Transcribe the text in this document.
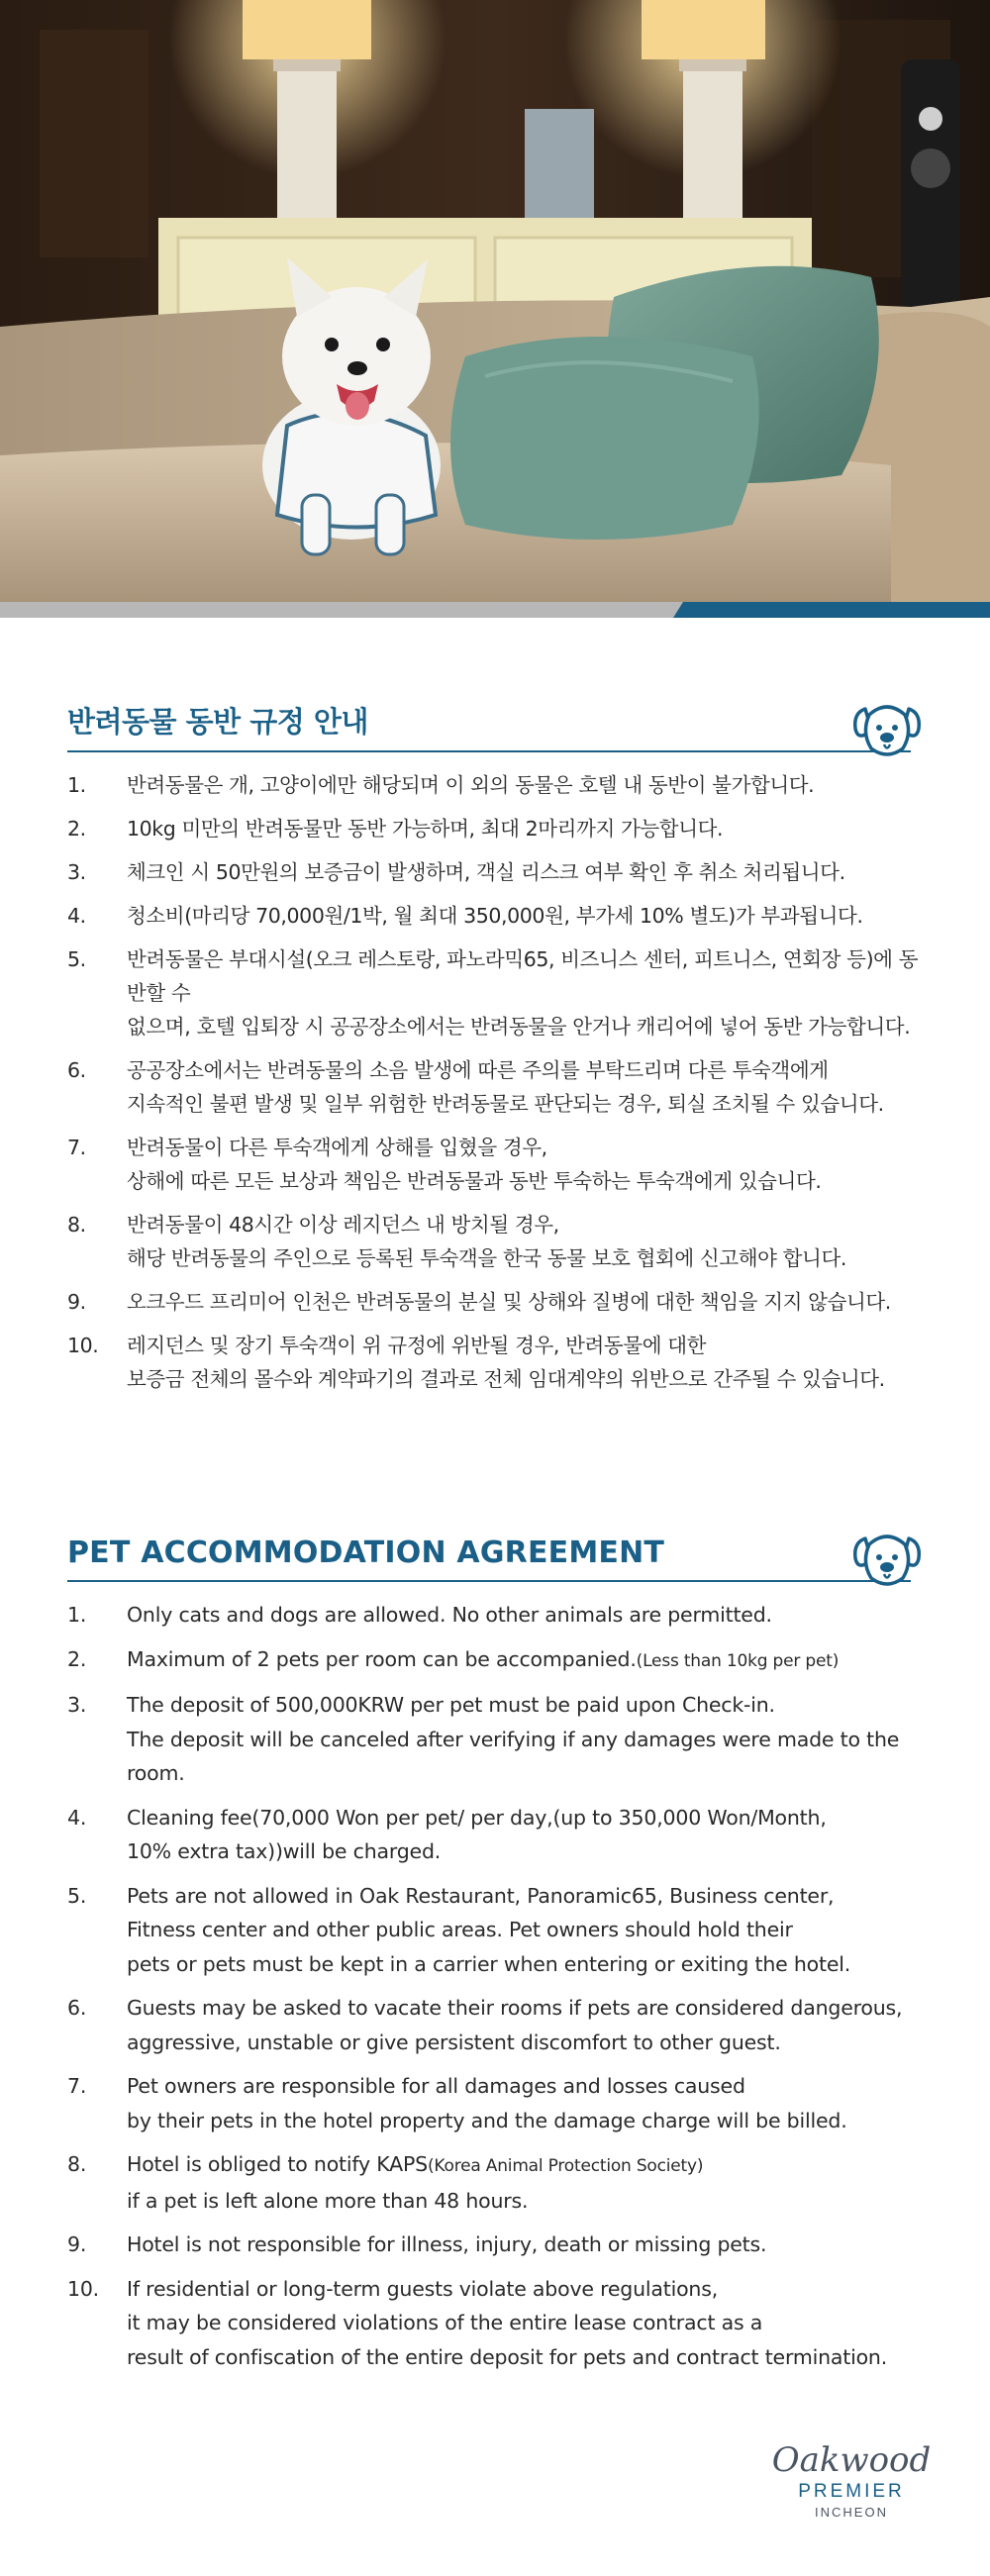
반려동물 동반 규정 안내
1.	반려동물은 개, 고양이에만 해당되며 이 외의 동물은 호텔 내 동반이 불가합니다.
2.	10kg 미만의 반려동물만 동반 가능하며, 최대 2마리까지 가능합니다.
3.	체크인 시 50만원의 보증금이 발생하며, 객실 리스크 여부 확인 후 취소 처리됩니다.
4.	청소비(마리당 70,000원/1박, 월 최대 350,000원, 부가세 10% 별도)가 부과됩니다.
5.	반려동물은 부대시설(오크 레스토랑, 파노라믹65, 비즈니스 센터, 피트니스, 연회장 등)에 동반할 수
없으며, 호텔 입퇴장 시 공공장소에서는 반려동물을 안거나 캐리어에 넣어 동반 가능합니다.
6.	공공장소에서는 반려동물의 소음 발생에 따른 주의를 부탁드리며 다른 투숙객에게
지속적인 불편 발생 및 일부 위험한 반려동물로 판단되는 경우, 퇴실 조치될 수 있습니다.
7.	반려동물이 다른 투숙객에게 상해를 입혔을 경우,
상해에 따른 모든 보상과 책임은 반려동물과 동반 투숙하는 투숙객에게 있습니다.
8.	반려동물이 48시간 이상 레지던스 내 방치될 경우,
해당 반려동물의 주인으로 등록된 투숙객을 한국 동물 보호 협회에 신고해야 합니다.
9.	오크우드 프리미어 인천은 반려동물의 분실 및 상해와 질병에 대한 책임을 지지 않습니다.
10.	레지던스 및 장기 투숙객이 위 규정에 위반될 경우, 반려동물에 대한
보증금 전체의 몰수와 계약파기의 결과로 전체 임대계약의 위반으로 간주될 수 있습니다.
PET ACCOMMODATION AGREEMENT
1.	Only cats and dogs are allowed. No other animals are permitted.
2.	Maximum of 2 pets per room can be accompanied.(Less than 10kg per pet)
3.	The deposit of 500,000KRW per pet must be paid upon Check-in.
The deposit will be canceled after verifying if any damages were made to the room.
4.	Cleaning fee(70,000 Won per pet/ per day,(up to 350,000 Won/Month,
10% extra tax))will be charged.
5.	Pets are not allowed in Oak Restaurant, Panoramic65, Business center,
Fitness center and other public areas. Pet owners should hold their
pets or pets must be kept in a carrier when entering or exiting the hotel.
6.	Guests may be asked to vacate their rooms if pets are considered dangerous,
aggressive, unstable or give persistent discomfort to other guest.
7.	Pet owners are responsible for all damages and losses caused
by their pets in the hotel property and the damage charge will be billed.
8.	Hotel is obliged to notify KAPS(Korea Animal Protection Society)
if a pet is left alone more than 48 hours.
9.	Hotel is not responsible for illness, injury, death or missing pets.
10.	If residential or long-term guests violate above regulations,
it may be considered violations of the entire lease contract as a
result of confiscation of the entire deposit for pets and contract termination.
Oakwood
PREMIER
INCHEON
